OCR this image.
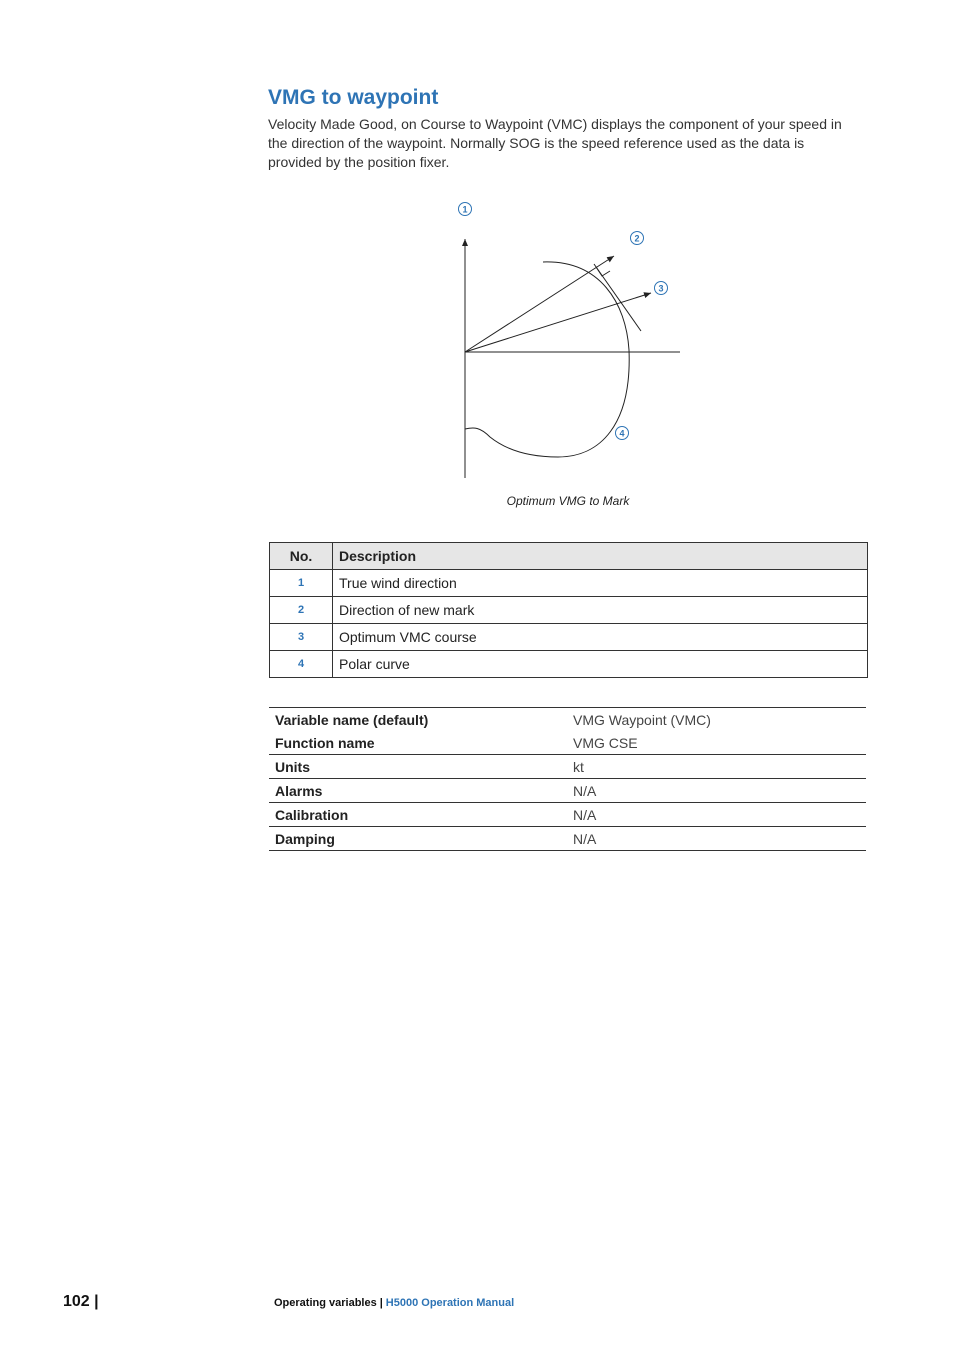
VMG to waypoint

Velocity Made Good, on Course to Waypoint (VMC) displays the component of your speed in the direction of the waypoint. Normally SOG is the speed reference used as the data is provided by the position fixer.

1
2
3
4

Optimum VMG to Mark

No.	Description
1	True wind direction
2	Direction of new mark
3	Optimum VMC course
4	Polar curve
Variable name (default)	VMG Waypoint (VMC)
Function name	VMG CSE
Units	kt
Alarms	N/A
Calibration	N/A
Damping	N/A
102 |	Operating variables | H5000 Operation Manual
